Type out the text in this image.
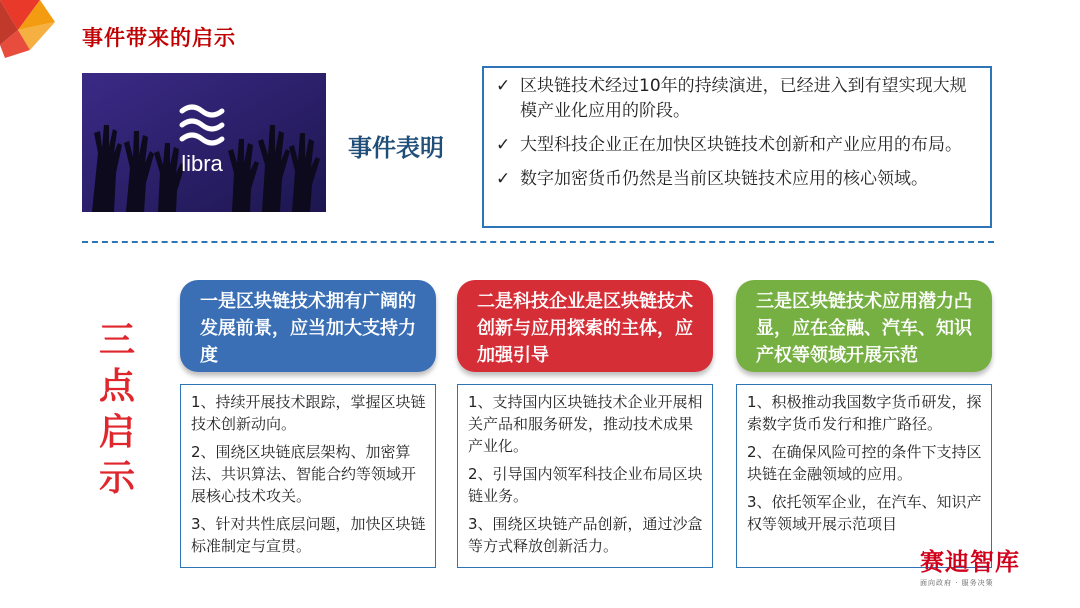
事件带来的启示
libra
事件表明
✓ 区块链技术经过10年的持续演进，已经进入到有望实现大规模产业化应用的阶段。
✓ 大型科技企业正在加快区块链技术创新和产业应用的布局。
✓ 数字加密货币仍然是当前区块链技术应用的核心领域。
三
点
启
示
一是区块链技术拥有广阔的发展前景，应当加大支持力度
二是科技企业是区块链技术创新与应用探索的主体，应加强引导
三是区块链技术应用潜力凸显，应在金融、汽车、知识产权等领域开展示范
1、持续开展技术跟踪，掌握区块链技术创新动向。
2、围绕区块链底层架构、加密算法、共识算法、智能合约等领域开展核心技术攻关。
3、针对共性底层问题，加快区块链标准制定与宣贯。
1、支持国内区块链技术企业开展相关产品和服务研发，推动技术成果产业化。
2、引导国内领军科技企业布局区块链业务。
3、围绕区块链产品创新，通过沙盒等方式释放创新活力。
1、积极推动我国数字货币研发，探索数字货币发行和推广路径。
2、在确保风险可控的条件下支持区块链在金融领域的应用。
3、依托领军企业，在汽车、知识产权等领域开展示范项目
赛迪智库
面向政府 · 服务决策
